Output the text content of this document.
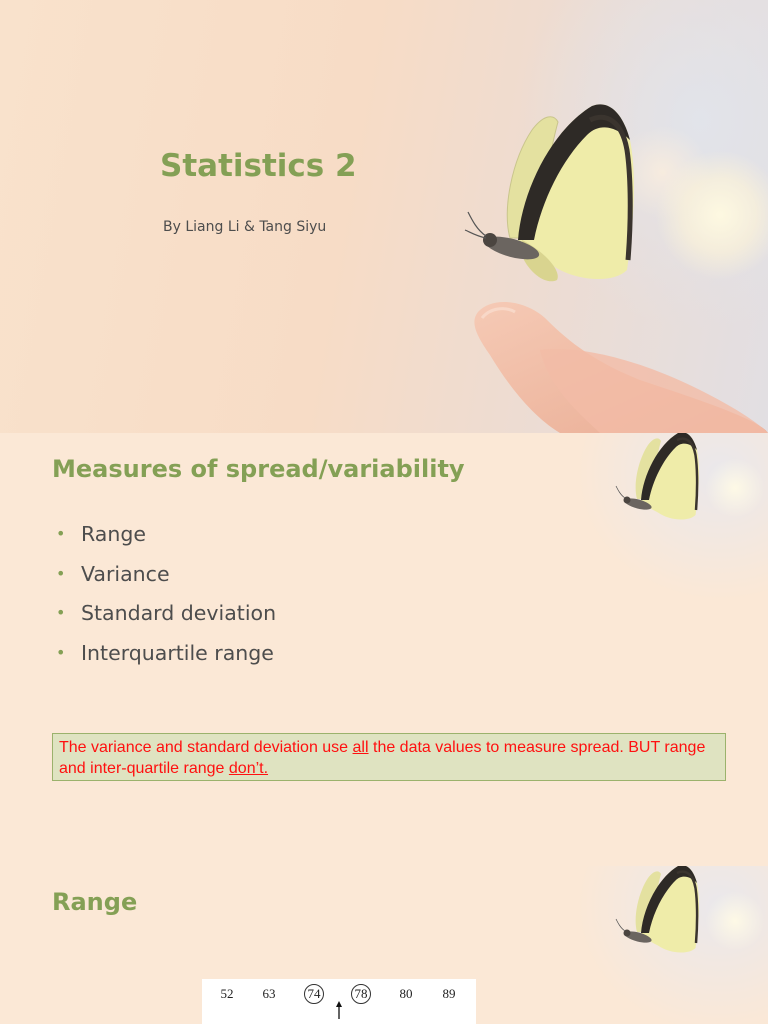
Statistics 2

By Liang Li & Tang Siyu

Measures of spread/variability
• Range
• Variance
• Standard deviation
• Interquartile range
The variance and standard deviation use all the data values to measure spread. BUT range and inter-quartile range don’t.
Range
52	63	74	78	80	89
